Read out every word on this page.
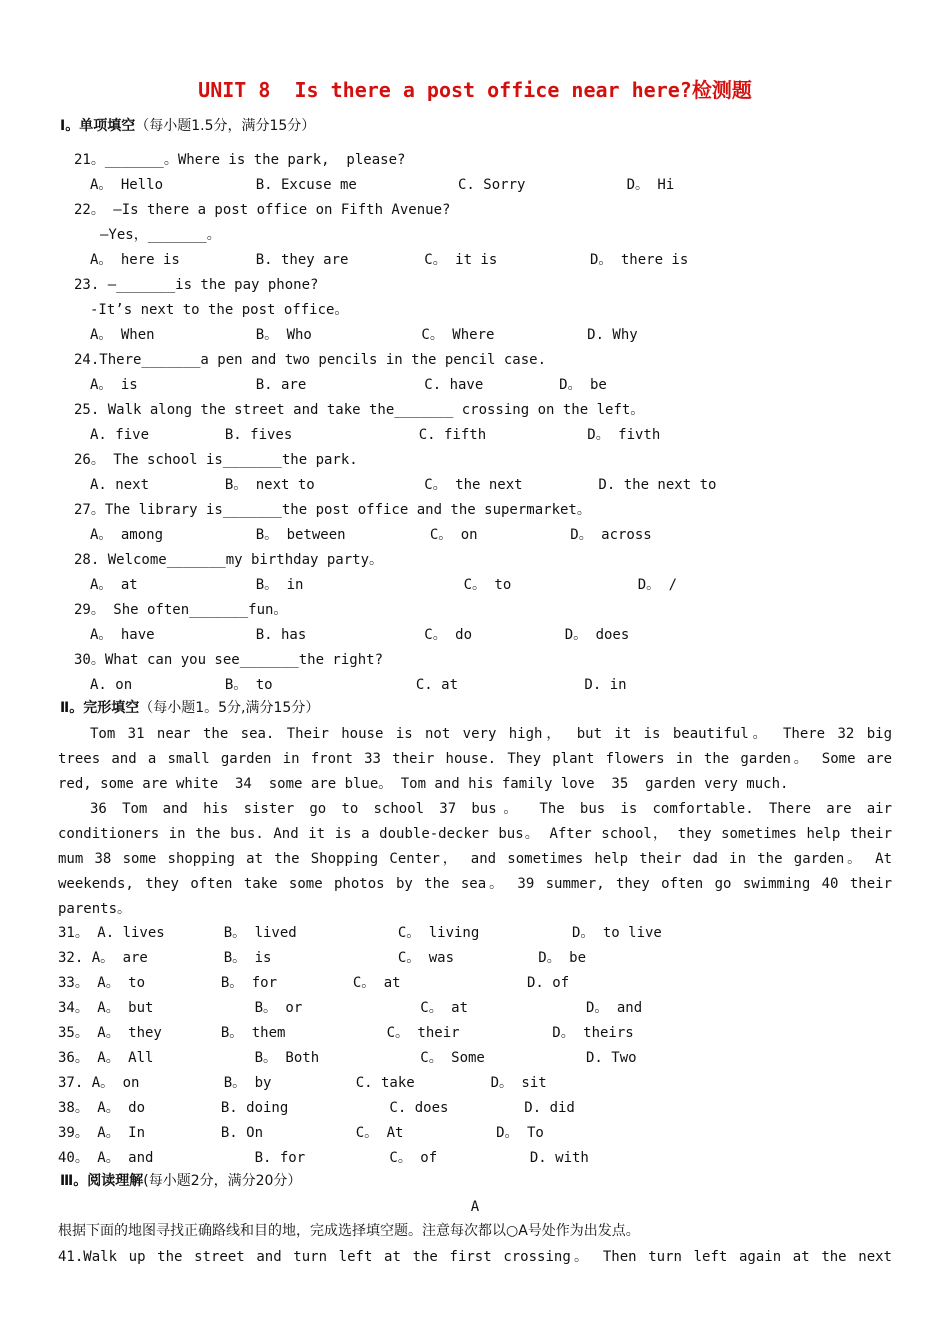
UNIT 8  Is there a post office near here?检测题
Ⅰ。单项填空（每小题1.5分，满分15分）
21。_______。Where is the park,  please?
A。 Hello           B. Excuse me            C. Sorry            D。 Hi
22。 —Is there a post office on Fifth Avenue?
—Yes，_______。
A。 here is         B. they are         C。 it is           D。 there is
23. —_______is the pay phone?
-It’s next to the post office。
A。 When            B。 Who             C。 Where           D. Why
24.There_______a pen and two pencils in the pencil case.
A。 is              B. are              C. have         D。 be
25. Walk along the street and take the_______ crossing on the left。
A. five         B. fives               C. fifth            D。 fivth
26。 The school is_______the park.
A. next         B。 next to             C。 the next         D. the next to
27。The library is_______the post office and the supermarket。
A。 among           B。 between          C。 on           D。 across
28. Welcome_______my birthday party。
A。 at              B。 in                   C。 to               D。 /
29。 She often_______fun。
A。 have            B. has              C。 do           D。 does
30。What can you see_______the right?
A. on           B。 to                 C. at               D. in
Ⅱ。完形填空（每小题1。5分,满分15分）
Tom 31 near the sea. Their house is not very high， but it is beautiful。 There 32 big
trees and a small garden in front 33 their house. They plant flowers in the garden。 Some are
red, some are white  34  some are blue。 Tom and his family love  35  garden very much.
36 Tom and his sister go to school 37 bus。 The bus is comfortable. There are air
conditioners in the bus. And it is a double-decker bus。 After school， they sometimes help their
mum 38 some shopping at the Shopping Center， and sometimes help their dad in the garden。 At
weekends, they often take some photos by the sea。 39 summer, they often go swimming 40 their
parents。
31。 A. lives       B。 lived            C。 living           D。 to live
32. A。 are         B。 is               C。 was          D。 be
33。 A。 to         B。 for         C。 at               D. of
34。 A。 but            B。 or              C。 at              D。 and
35。 A。 they       B。 them            C。 their           D。 theirs
36。 A。 All            B。 Both            C。 Some            D. Two
37. A。 on          B。 by          C. take         D。 sit
38。 A。 do         B. doing            C. does         D. did
39。 A。 In         B. On           C。 At           D。 To
40。 A。 and            B. for          C。 of           D. with
Ⅲ。阅读理解(每小题2分，满分20分）
A
根据下面的地图寻找正确路线和目的地，完成选择填空题。注意每次都以○A号处作为出发点。
41.Walk up the street and turn left at the first crossing。 Then turn left again at the next
